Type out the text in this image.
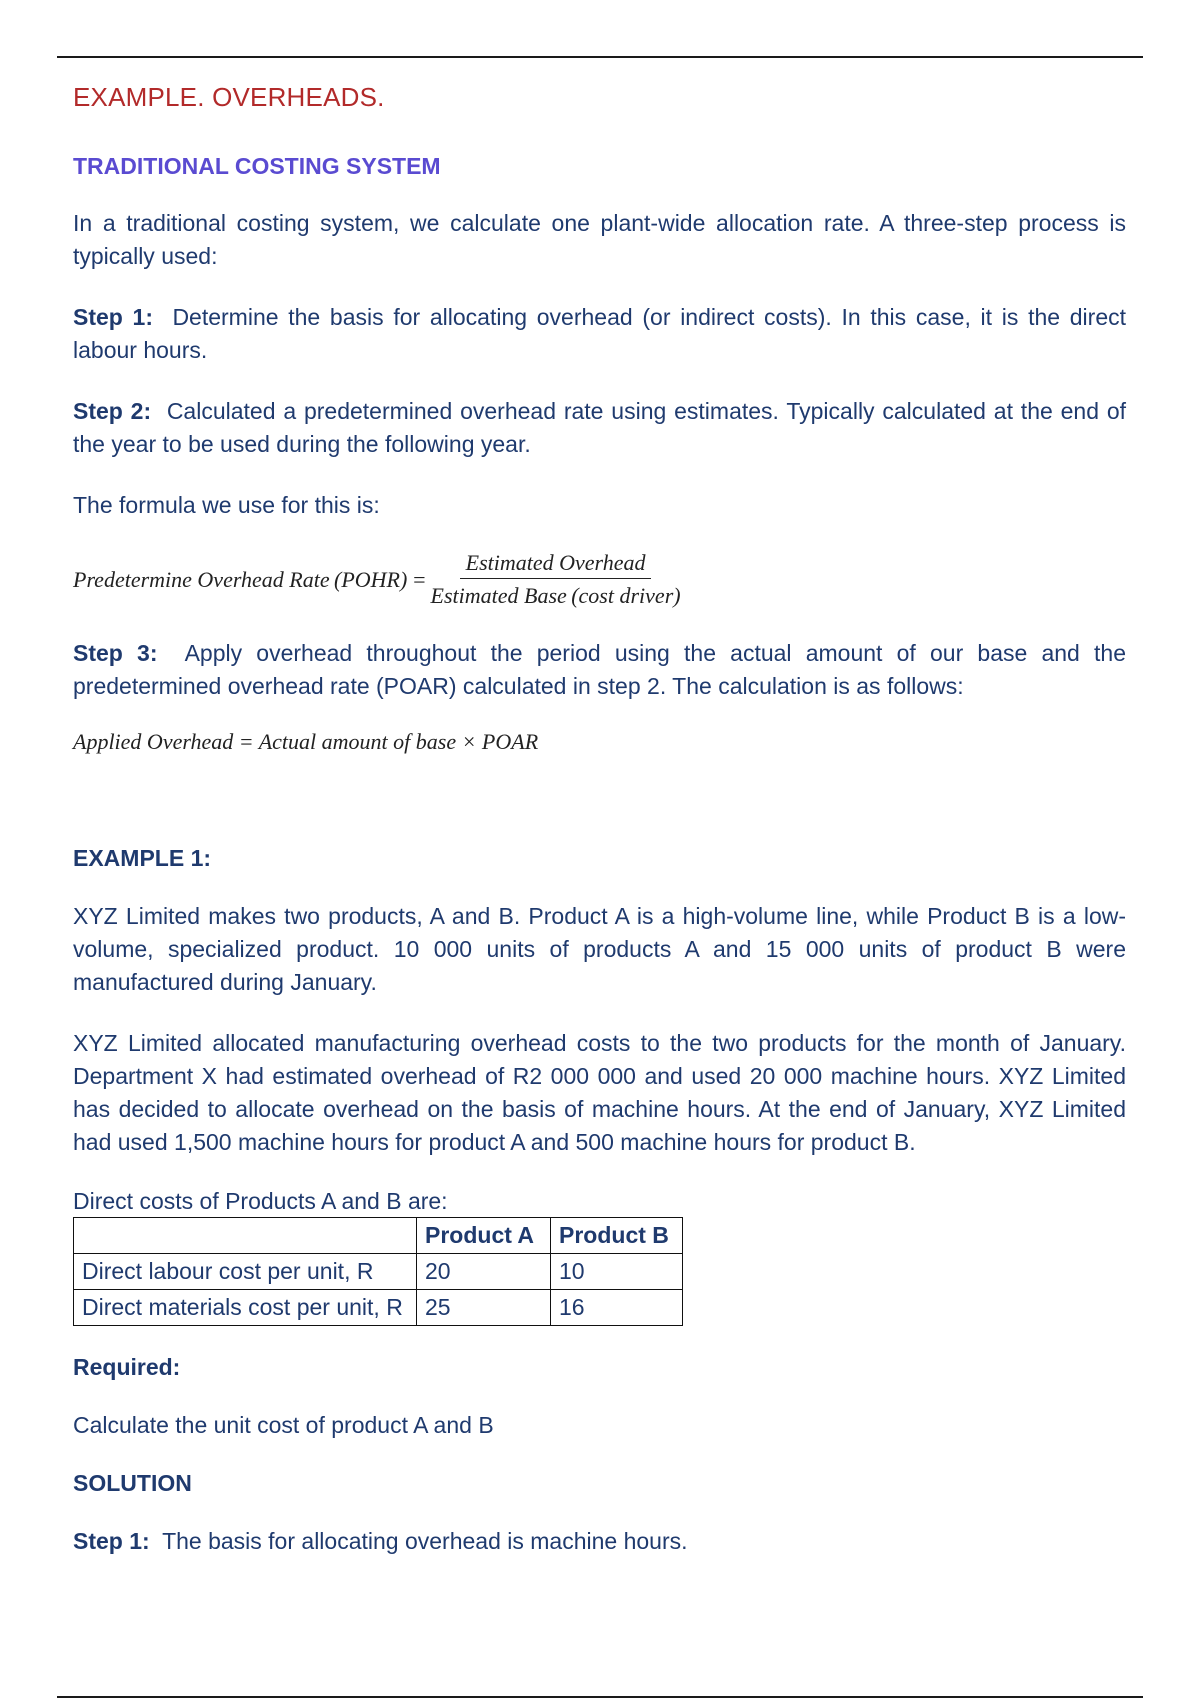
EXAMPLE. OVERHEADS.
TRADITIONAL COSTING SYSTEM

In a traditional costing system, we calculate one plant-wide allocation rate. A three-step process is typically used:

Step 1: Determine the basis for allocating overhead (or indirect costs). In this case, it is the direct labour hours.

Step 2: Calculated a predetermined overhead rate using estimates. Typically calculated at the end of the year to be used during the following year.

The formula we use for this is:

Predetermine Overhead Rate  ( POHR ) = $\frac{\text{Estimated Overhead}}{\text{Estimated Base (cost driver)}}$

Step 3: Apply overhead throughout the period using the actual amount of our base and the predetermined overhead rate (POAR) calculated in step 2. The calculation is as follows:

Applied Overhead = Actual amount of base × POAR
EXAMPLE 1:

XYZ Limited makes two products, A and B. Product A is a high-volume line, while Product B is a low-volume, specialized product. 10 000 units of products A and 15 000 units of product B were manufactured during January.

XYZ Limited allocated manufacturing overhead costs to the two products for the month of January. Department X had estimated overhead of R2 000 000 and used 20 000 machine hours. XYZ Limited has decided to allocate overhead on the basis of machine hours. At the end of January, XYZ Limited had used 1,500 machine hours for product A and 500 machine hours for product B.

Direct costs of Products A and B are:

	Product A	Product B
Direct labour cost per unit, R	20	10
Direct materials cost per unit, R	25	16
Required:

Calculate the unit cost of product A and B

SOLUTION

Step 1: The basis for allocating overhead is machine hours.
